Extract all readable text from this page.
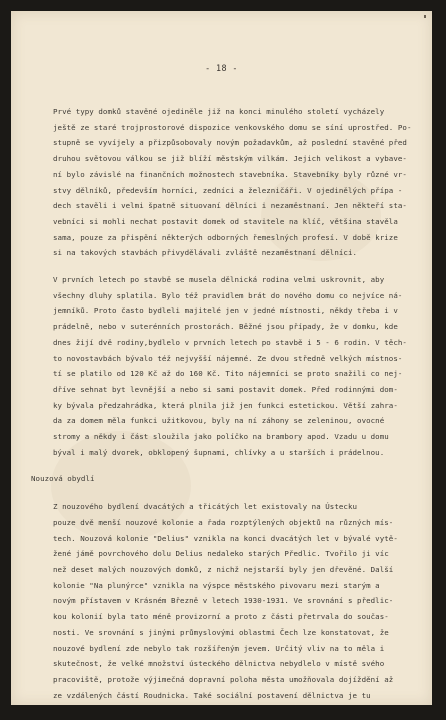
- 18 -

Prvé typy domků stavěné ojediněle již na konci minulého století vycházely
ještě ze staré trojprostorové dispozice venkovského domu se síní uprostřed. Po-
stupně se vyvíjely a přizpůsobovaly novým požadavkům, až poslední stavěné před
druhou světovou válkou se již blíží městským vilkám. Jejich velikost a vybave-
ní bylo závislé na finančních možnostech stavebníka. Stavebníky byly různé vr-
stvy dělníků, především horníci, zedníci a železničáři. V ojedinělých přípa -
dech stavěli i velmi špatně situovaní dělníci i nezaměstnaní. Jen někteří sta-
vebníci si mohli nechat postavit domek od stavitele na klíč, většina stavěla
sama, pouze za přispění některých odborných řemeslných profesí. V době krize
si na takových stavbách přivydělávali zvláště nezaměstnaní dělníci.

V prvních letech po stavbě se musela dělnická rodina velmi uskrovnit, aby
všechny dluhy splatila. Bylo též pravidlem brát do nového domu co nejvíce ná-
jemníků. Proto často bydleli majitelé jen v jedné místnosti, někdy třeba i v
prádelně, nebo v suterénních prostorách. Běžné jsou případy, že v domku, kde
dnes žijí dvě rodiny,bydlelo v prvních letech po stavbě i 5 - 6 rodin. V těch-
to novostavbách bývalo též nejvyšší nájemné. Ze dvou středně velkých místnos-
tí se platilo od 120 Kč až do 160 Kč. Tito nájemníci se proto snažili co nej-
dříve sehnat byt levnější a nebo si sami postavit domek. Před rodinnými dom-
ky bývala předzahrádka, která plnila již jen funkci estetickou. Větší zahra-
da za domem měla funkci užitkovou, byly na ní záhony se zeleninou, ovocné
stromy a někdy i část sloužila jako políčko na brambory apod. Vzadu u domu
býval i malý dvorek, obklopený šupnami, chlívky a u starších i prádelnou.

Nouzová obydlí

Z nouzového bydlení dvacátých a třicátých let existovaly na Ústecku
pouze dvě menší nouzové kolonie a řada rozptýlených objektů na různých mís-
tech. Nouzová kolonie "Delius" vznikla na konci dvacátých let v bývalé vytě-
žené jámě povrchového dolu Delius nedaleko starých Předlic. Tvořilo ji víc
než deset malých nouzových domků, z nichž nejstarší byly jen dřevěné. Další
kolonie "Na plunýrce" vznikla na výspce městského pivovaru mezi starým a
novým přístavem v Krásném Březně v letech 1930-1931. Ve srovnání s předlic-
kou kolonií byla tato méně provizorní a proto z části přetrvala do součas-
nosti. Ve srovnání s jinými průmyslovými oblastmi Čech lze konstatovat, že
nouzové bydlení zde nebylo tak rozšířeným jevem. Určitý vliv na to měla i
skutečnost, že velké množství ústeckého dělnictva nebydlelo v místě svého
pracoviště, protože výjimečná dopravní poloha města umožňovala dojíždění až
ze vzdálených částí Roudnicka. Také sociální postavení dělnictva je tu
